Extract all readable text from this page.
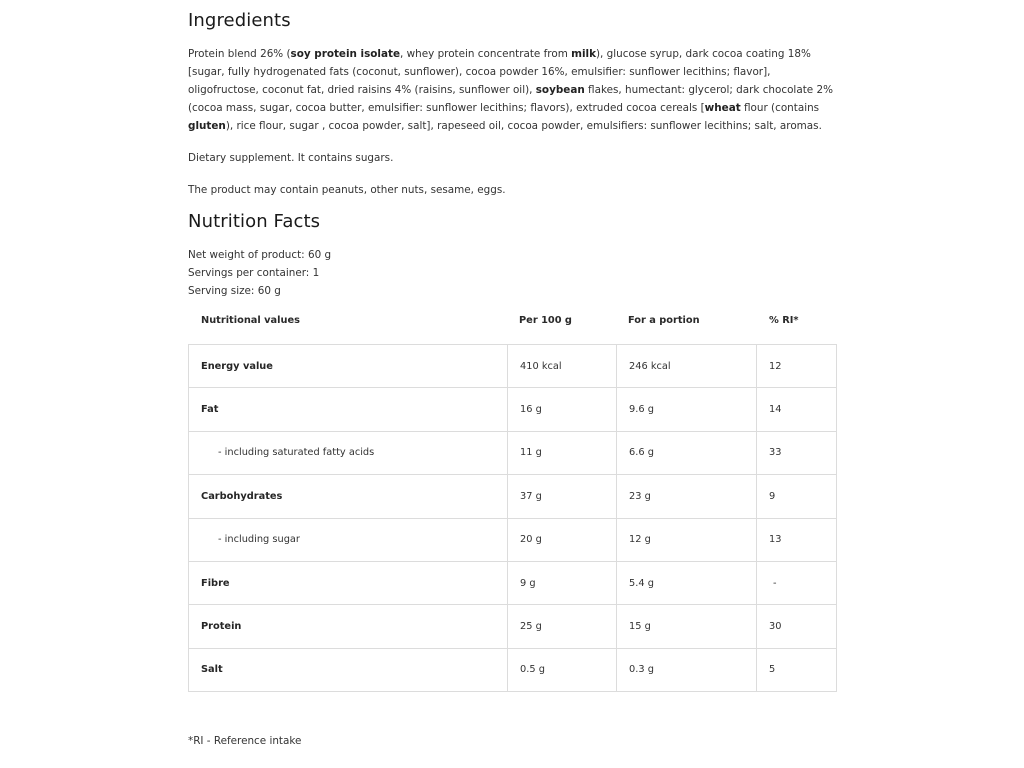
Ingredients

Protein blend 26% (soy protein isolate, whey protein concentrate from milk), glucose syrup, dark cocoa coating 18% [sugar, fully hydrogenated fats (coconut, sunflower), cocoa powder 16%, emulsifier: sunflower lecithins; flavor], oligofructose, coconut fat, dried raisins 4% (raisins, sunflower oil), soybean flakes, humectant: glycerol; dark chocolate 2% (cocoa mass, sugar, cocoa butter, emulsifier: sunflower lecithins; flavors), extruded cocoa cereals [wheat flour (contains gluten), rice flour, sugar , cocoa powder, salt], rapeseed oil, cocoa powder, emulsifiers: sunflower lecithins; salt, aromas.

Dietary supplement. It contains sugars.

The product may contain peanuts, other nuts, sesame, eggs.

Nutrition Facts
Net weight of product: 60 g
Servings per container: 1
Serving size: 60 g
Nutritional values	Per 100 g	For a portion	% RI*
Energy value	410 kcal	246 kcal	12
Fat	16 g	9.6 g	14
- including saturated fatty acids	11 g	6.6 g	33
Carbohydrates	37 g	23 g	9
- including sugar	20 g	12 g	13
Fibre	9 g	5.4 g	-
Protein	25 g	15 g	30
Salt	0.5 g	0.3 g	5
*RI - Reference intake
